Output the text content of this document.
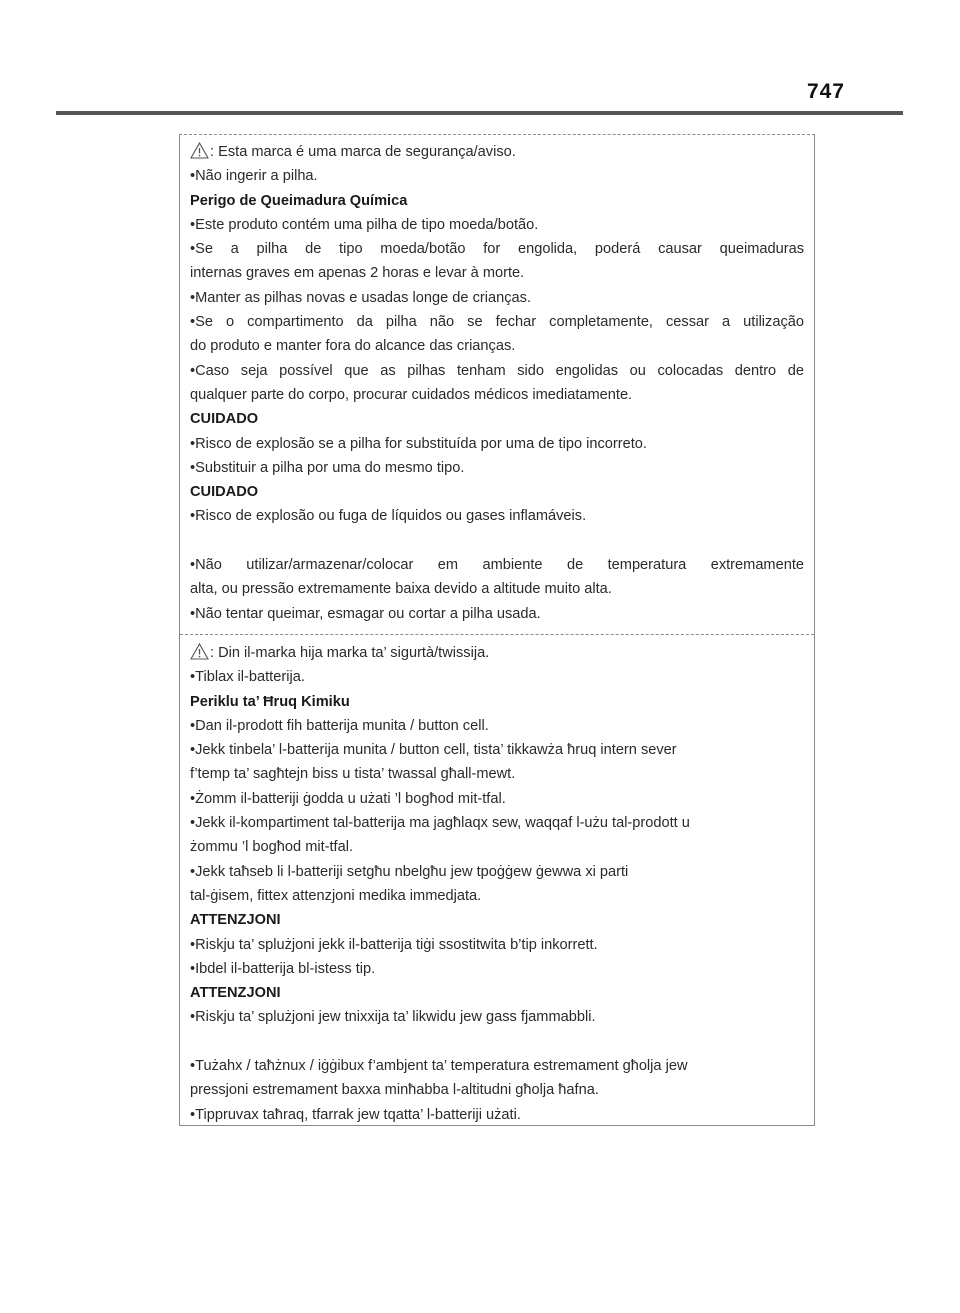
747

: Esta marca é uma marca de segurança/aviso.

•Não ingerir a pilha.

Perigo de Queimadura Química

•Este produto contém uma pilha de tipo moeda/botão.

•Se a pilha de tipo moeda/botão for engolida, poderá causar queimaduras

internas graves em apenas 2 horas e levar à morte.

•Manter as pilhas novas e usadas longe de crianças.

•Se o compartimento da pilha não se fechar completamente, cessar a utilização

do produto e manter fora do alcance das crianças.

•Caso seja possível que as pilhas tenham sido engolidas ou colocadas dentro de

qualquer parte do corpo, procurar cuidados médicos imediatamente.

CUIDADO

•Risco de explosão se a pilha for substituída por uma de tipo incorreto.

•Substituir a pilha por uma do mesmo tipo.

CUIDADO

•Risco de explosão ou fuga de líquidos ou gases inflamáveis.

•Não utilizar/armazenar/colocar em ambiente de temperatura extremamente

alta, ou pressão extremamente baixa devido a altitude muito alta.

•Não tentar queimar, esmagar ou cortar a pilha usada.

: Din il-marka hija marka ta’ sigurtà/twissija.

•Tiblax il-batterija.

Periklu ta’ Ħruq Kimiku

•Dan il-prodott fih batterija munita / button cell.

•Jekk tinbela’ l-batterija munita / button cell, tista’ tikkawża ħruq intern sever

f’temp ta’ sagħtejn biss u tista’ twassal għall-mewt.

•Żomm il-batteriji ġodda u użati ’l bogħod mit-tfal.

•Jekk il-kompartiment tal-batterija ma jagħlaqx sew, waqqaf l-użu tal-prodott u

żommu ’l bogħod mit-tfal.

•Jekk taħseb li l-batteriji setgħu nbelgħu jew tpoġġew ġewwa xi parti

tal-ġisem, fittex attenzjoni medika immedjata.

ATTENZJONI

•Riskju ta’ splużjoni jekk il-batterija tiġi ssostitwita b’tip inkorrett.

•Ibdel il-batterija bl-istess tip.

ATTENZJONI

•Riskju ta’ splużjoni jew tnixxija ta’ likwidu jew gass fjammabbli.

•Tużahx / taħżnux / iġġibux f’ambjent ta’ temperatura estremament għolja jew

pressjoni estremament baxxa minħabba l-altitudni għolja ħafna.

•Tippruvax taħraq, tfarrak jew tqatta’ l-batteriji użati.
